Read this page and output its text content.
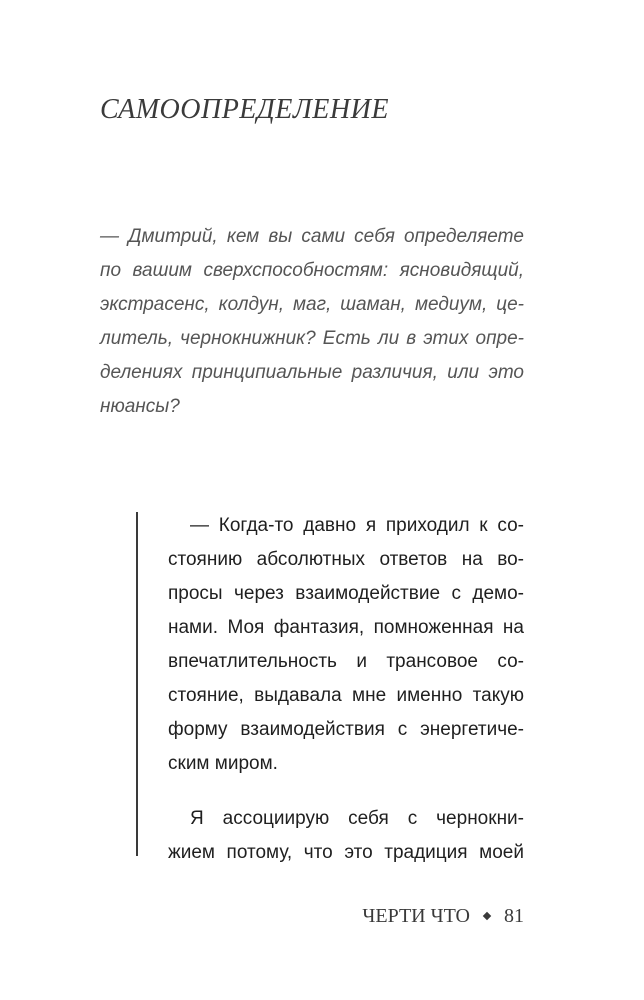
САМООПРЕДЕЛЕНИЕ
— Дмитрий, кем вы сами себя определяете
по вашим сверхспособностям: ясновидящий,
экстрасенс, колдун, маг, шаман, медиум, це-
литель, чернокнижник? Есть ли в этих опре-
делениях принципиальные различия, или это
нюансы?
— Когда-то давно я приходил к со-
стоянию абсолютных ответов на во-
просы через взаимодействие с демо-
нами. Моя фантазия, помноженная на
впечатлительность и трансовое со-
стояние, выдавала мне именно такую
форму взаимодействия с энергетиче-
ским миром.
Я ассоциирую себя с чернокни-
жием потому, что это традиция моей
ЧЕРТИ ЧТО 81
